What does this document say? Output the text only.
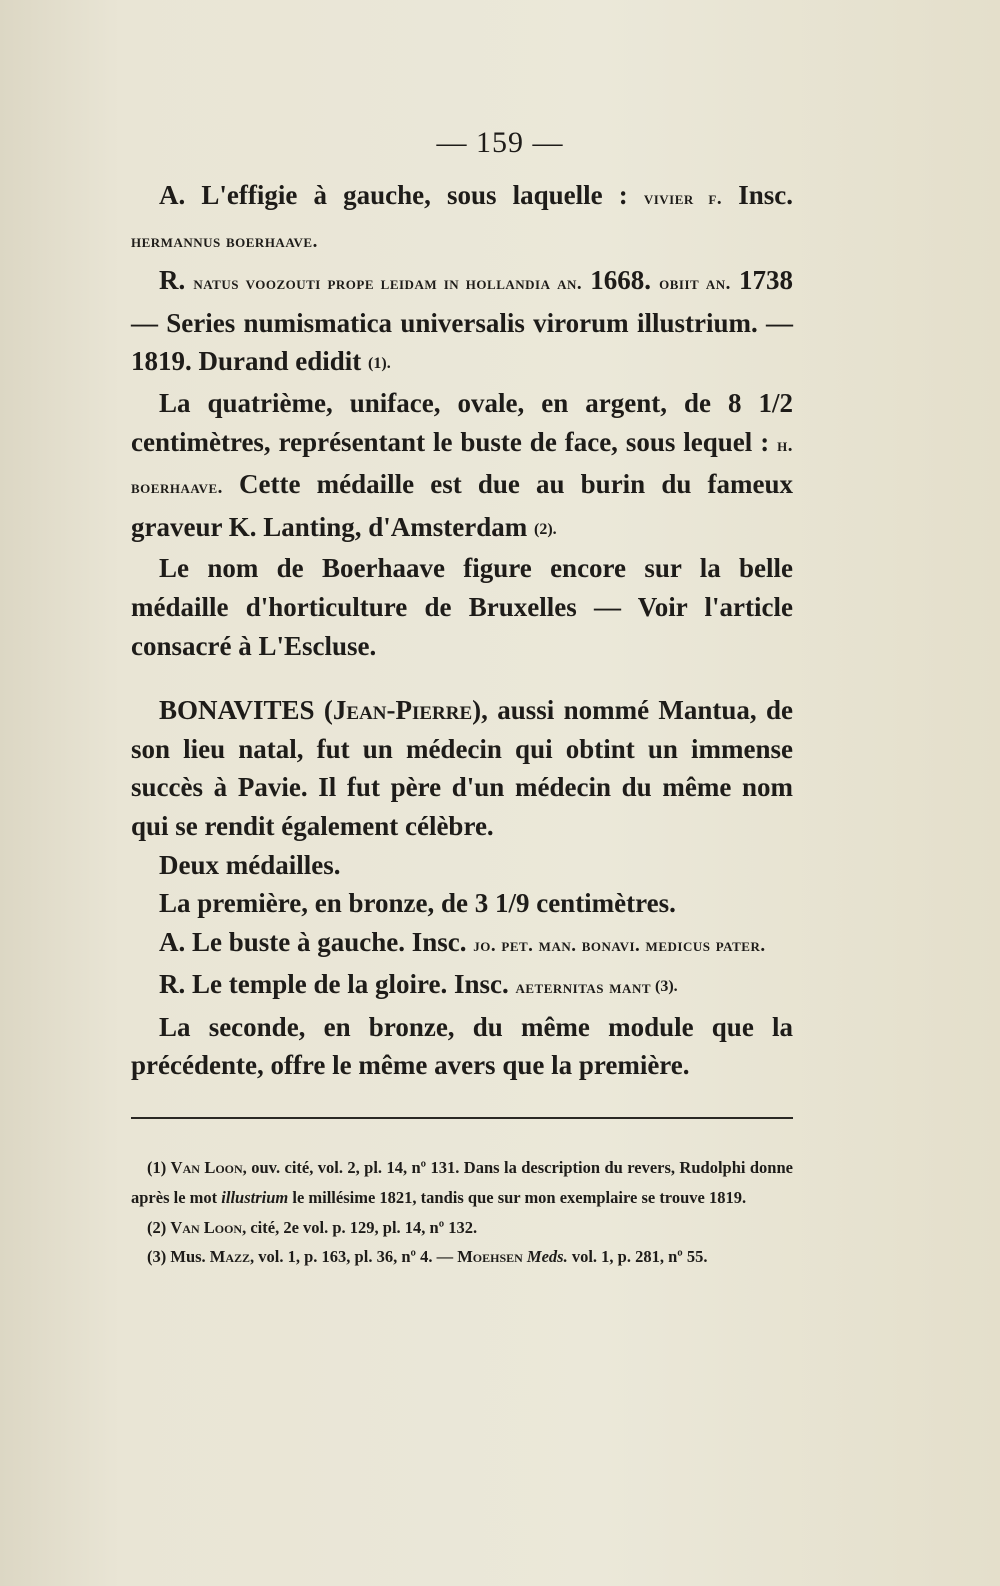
— 159 —

A. L'effigie à gauche, sous laquelle : vivier f. Insc. hermannus boerhaave.

R. natus voozouti prope leidam in hollandia an. 1668. obiit an. 1738 — Series numismatica universalis virorum illustrium. — 1819. Durand edidit (1).

La quatrième, uniface, ovale, en argent, de 8 1/2 centimètres, représentant le buste de face, sous lequel : h. boerhaave. Cette médaille est due au burin du fameux graveur K. Lanting, d'Amsterdam (2).

Le nom de Boerhaave figure encore sur la belle médaille d'horticulture de Bruxelles — Voir l'article consacré à L'Escluse.

BONAVITES (Jean-Pierre), aussi nommé Mantua, de son lieu natal, fut un médecin qui obtint un immense succès à Pavie. Il fut père d'un médecin du même nom qui se rendit également célèbre.

Deux médailles.

La première, en bronze, de 3 1/9 centimètres.

A. Le buste à gauche. Insc. jo. pet. man. bonavi. medicus pater.

R. Le temple de la gloire. Insc. aeternitas mant (3).

La seconde, en bronze, du même module que la précédente, offre le même avers que la première.

(1) Van Loon, ouv. cité, vol. 2, pl. 14, nº 131. Dans la description du revers, Rudolphi donne après le mot illustrium le millésime 1821, tandis que sur mon exemplaire se trouve 1819.

(2) Van Loon, cité, 2e vol. p. 129, pl. 14, nº 132.

(3) Mus. Mazz, vol. 1, p. 163, pl. 36, nº 4. — Moehsen Meds. vol. 1, p. 281, nº 55.
